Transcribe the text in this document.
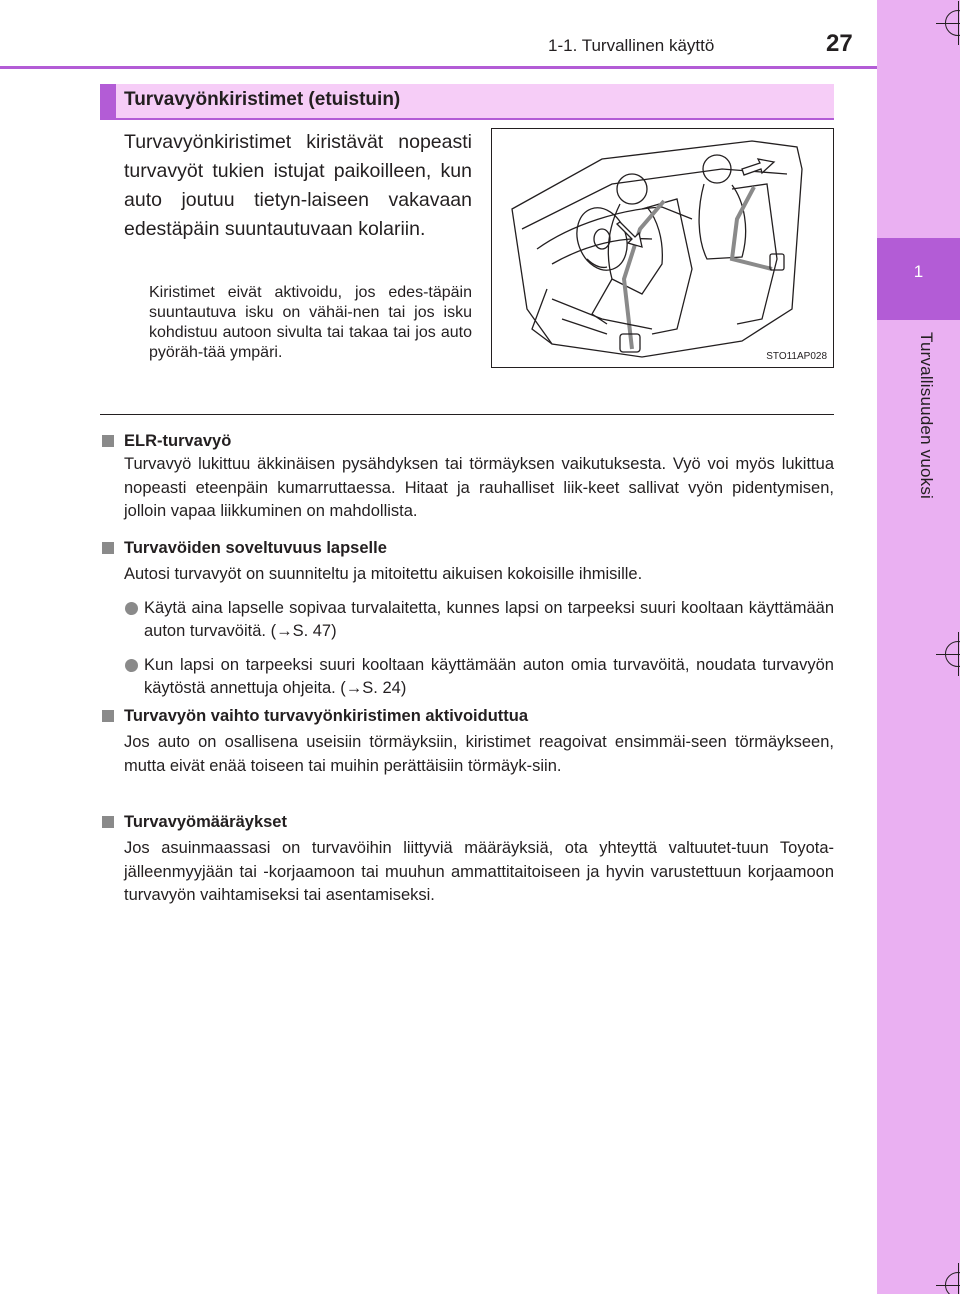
1
Turvallisuuden vuoksi
1-1. Turvallinen käyttö	27
Turvavyönkiristimet (etuistuin)
Turvavyönkiristimet kiristävät nopeasti turvavyöt tukien istujat paikoilleen, kun auto joutuu tietyn-laiseen vakavaan edestäpäin suuntautuvaan kolariin.
Kiristimet eivät aktivoidu, jos edes-täpäin suuntautuva isku on vähäi-nen tai jos isku kohdistuu autoon sivulta tai takaa tai jos auto pyöräh-tää ympäri.	STO11AP028
ELR-turvavyö
Turvavyö lukittuu äkkinäisen pysähdyksen tai törmäyksen vaikutuksesta. Vyö voi myös lukittua nopeasti eteenpäin kumarruttaessa. Hitaat ja rauhalliset liik-keet sallivat vyön pidentymisen, jolloin vapaa liikkuminen on mahdollista.
Turvavöiden soveltuvuus lapselle
Autosi turvavyöt on suunniteltu ja mitoitettu aikuisen kokoisille ihmisille.
Käytä aina lapselle sopivaa turvalaitetta, kunnes lapsi on tarpeeksi suuri kooltaan käyttämään auton turvavöitä. (→S. 47)
Kun lapsi on tarpeeksi suuri kooltaan käyttämään auton omia turvavöitä, noudata turvavyön käytöstä annettuja ohjeita. (→S. 24)
Turvavyön vaihto turvavyönkiristimen aktivoiduttua
Jos auto on osallisena useisiin törmäyksiin, kiristimet reagoivat ensimmäi-seen törmäykseen, mutta eivät enää toiseen tai muihin perättäisiin törmäyk-siin.
Turvavyömääräykset
Jos asuinmaassasi on turvavöihin liittyviä määräyksiä, ota yhteyttä valtuutet-tuun Toyota-jälleenmyyjään tai -korjaamoon tai muuhun ammattitaitoiseen ja hyvin varustettuun korjaamoon turvavyön vaihtamiseksi tai asentamiseksi.
